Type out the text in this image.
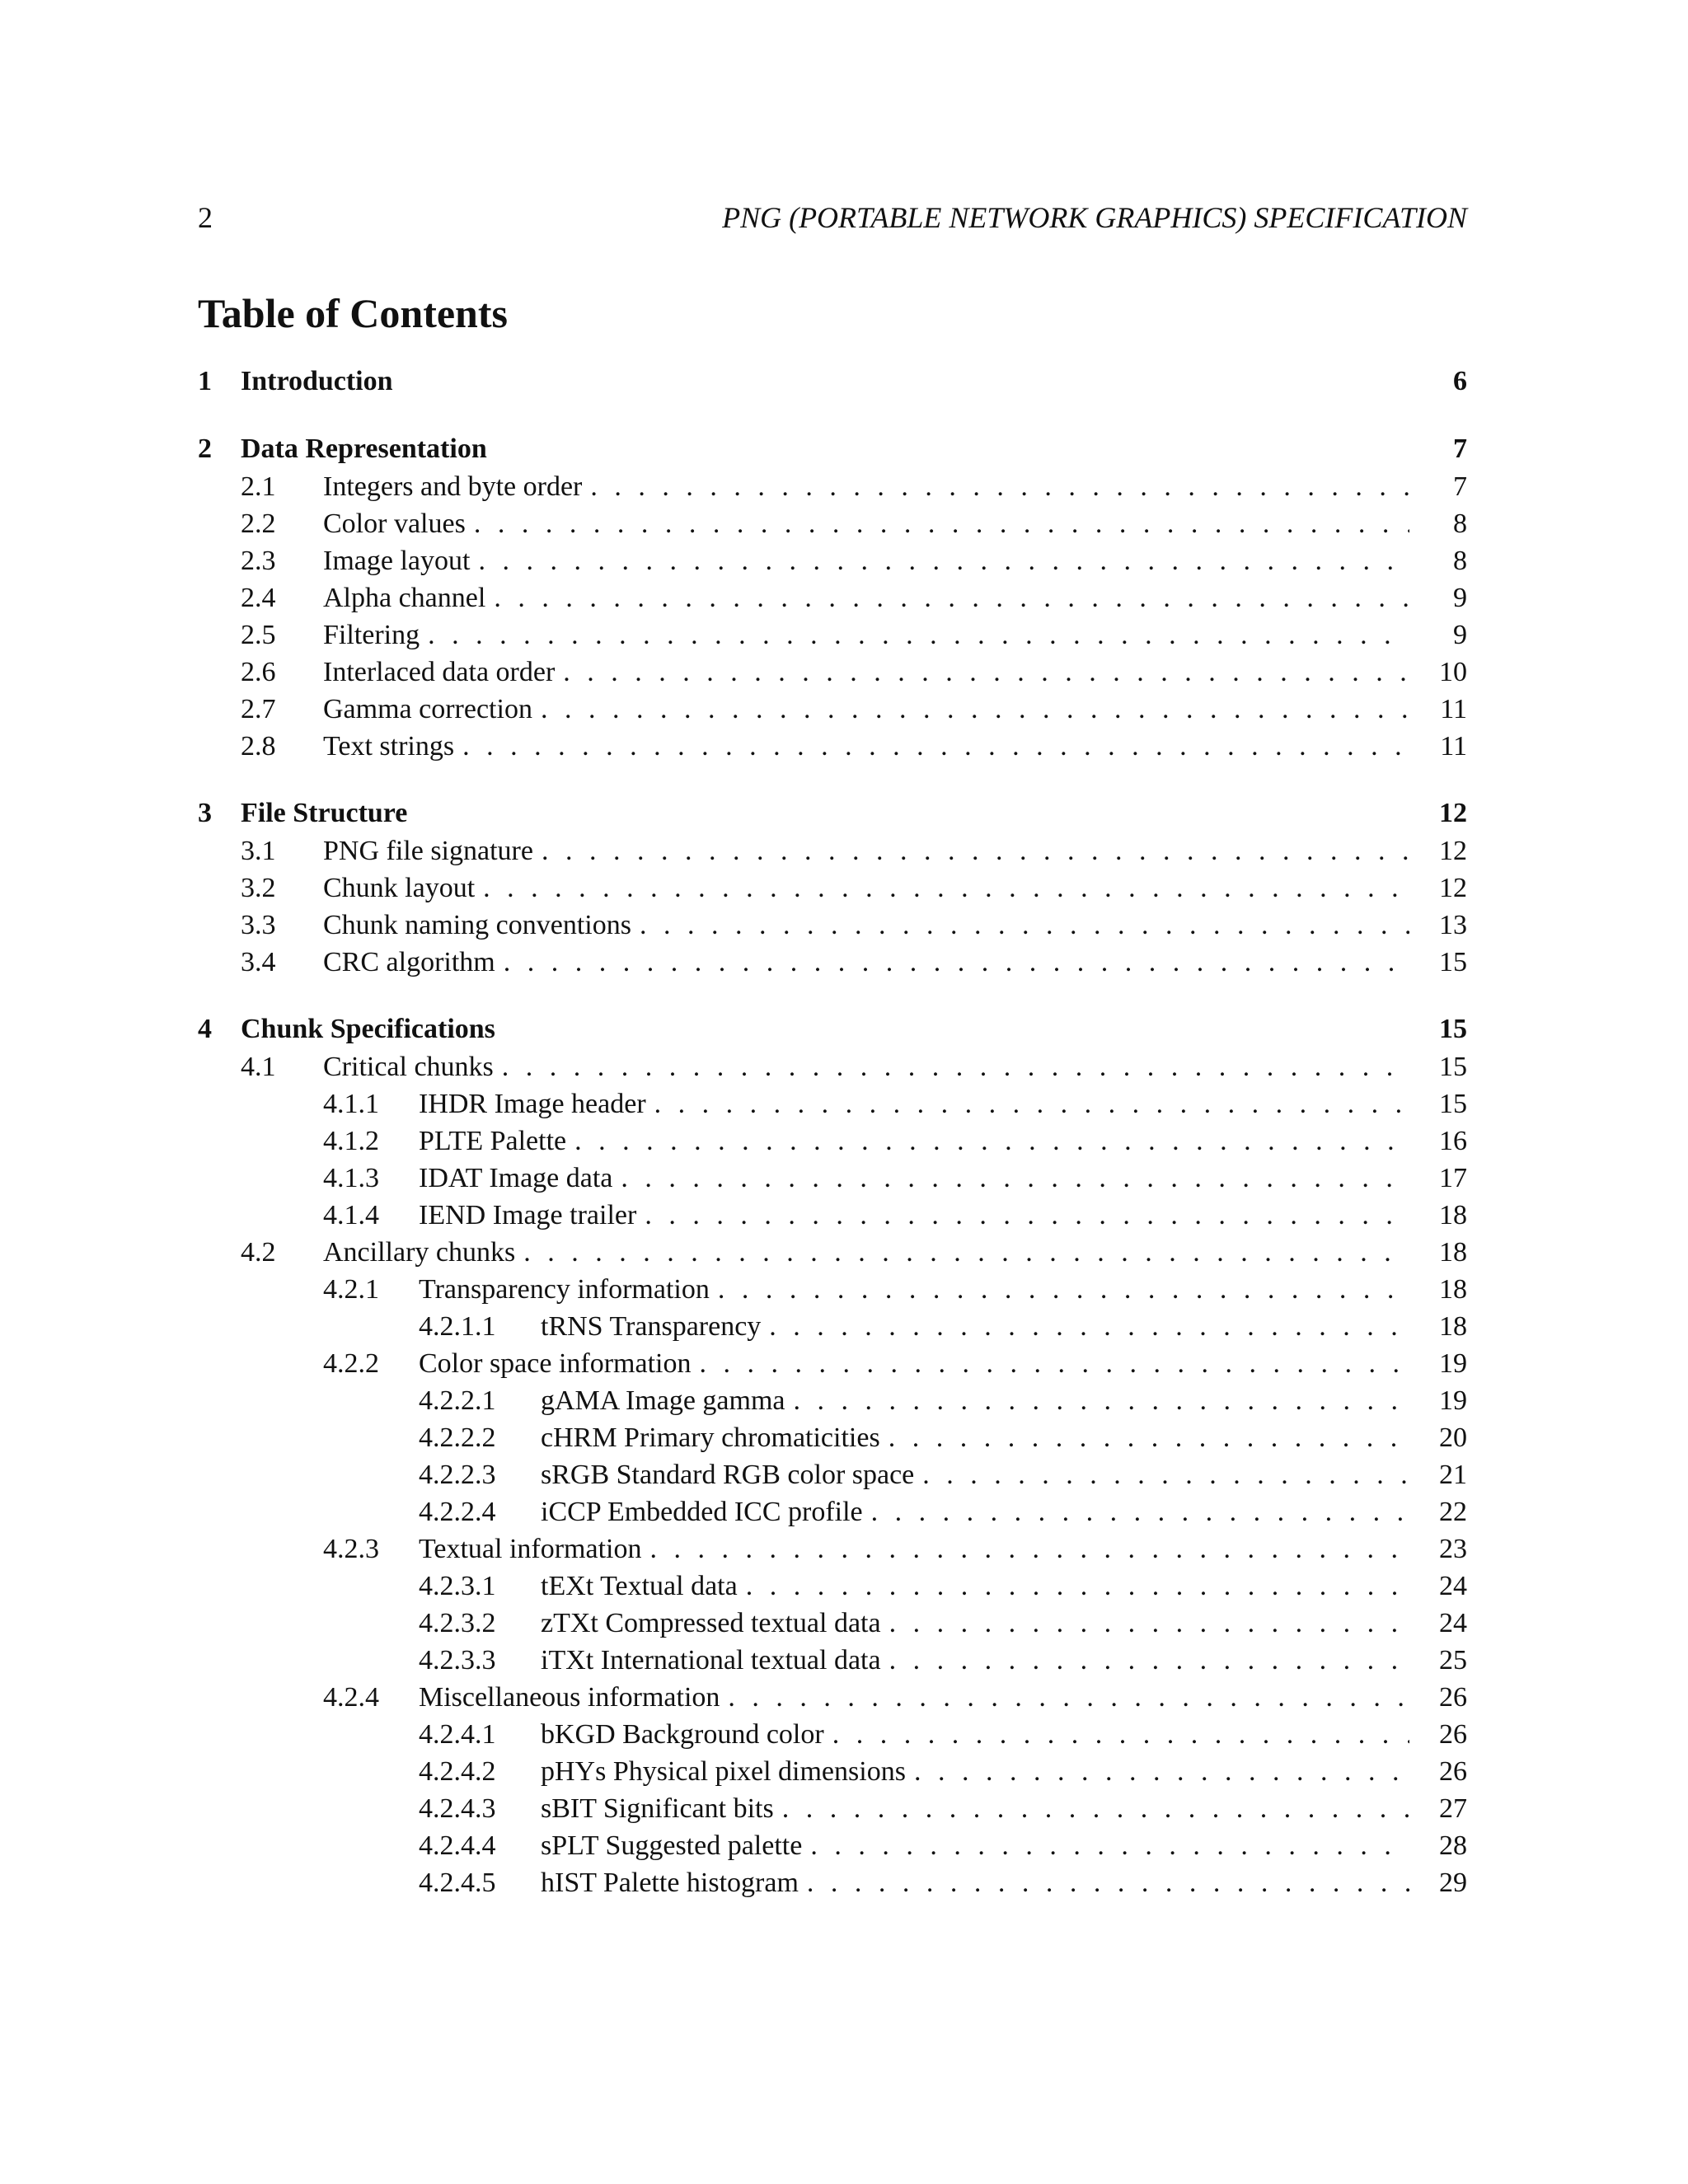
2	PNG (PORTABLE NETWORK GRAPHICS) SPECIFICATION
Table of Contents
1 Introduction	6
2 Data Representation	7
2.1 Integers and byte order . . .	7
2.2 Color values . . .	8
2.3 Image layout . . .	8
2.4 Alpha channel . . .	9
2.5 Filtering . . .	9
2.6 Interlaced data order . . .	10
2.7 Gamma correction . . .	11
2.8 Text strings . . .	11
3 File Structure	12
3.1 PNG file signature . . .	12
3.2 Chunk layout . . .	12
3.3 Chunk naming conventions . . .	13
3.4 CRC algorithm . . .	15
4 Chunk Specifications	15
4.1 Critical chunks . . .	15
4.1.1 IHDR Image header . . .	15
4.1.2 PLTE Palette . . .	16
4.1.3 IDAT Image data . . .	17
4.1.4 IEND Image trailer . . .	18
4.2 Ancillary chunks . . .	18
4.2.1 Transparency information . . .	18
4.2.1.1 tRNS Transparency . . .	18
4.2.2 Color space information . . .	19
4.2.2.1 gAMA Image gamma . . .	19
4.2.2.2 cHRM Primary chromaticities . . .	20
4.2.2.3 sRGB Standard RGB color space . . .	21
4.2.2.4 iCCP Embedded ICC profile . . .	22
4.2.3 Textual information . . .	23
4.2.3.1 tEXt Textual data . . .	24
4.2.3.2 zTXt Compressed textual data . . .	24
4.2.3.3 iTXt International textual data . . .	25
4.2.4 Miscellaneous information . . .	26
4.2.4.1 bKGD Background color . . .	26
4.2.4.2 pHYs Physical pixel dimensions . . .	26
4.2.4.3 sBIT Significant bits . . .	27
4.2.4.4 sPLT Suggested palette . . .	28
4.2.4.5 hIST Palette histogram . . .	29
